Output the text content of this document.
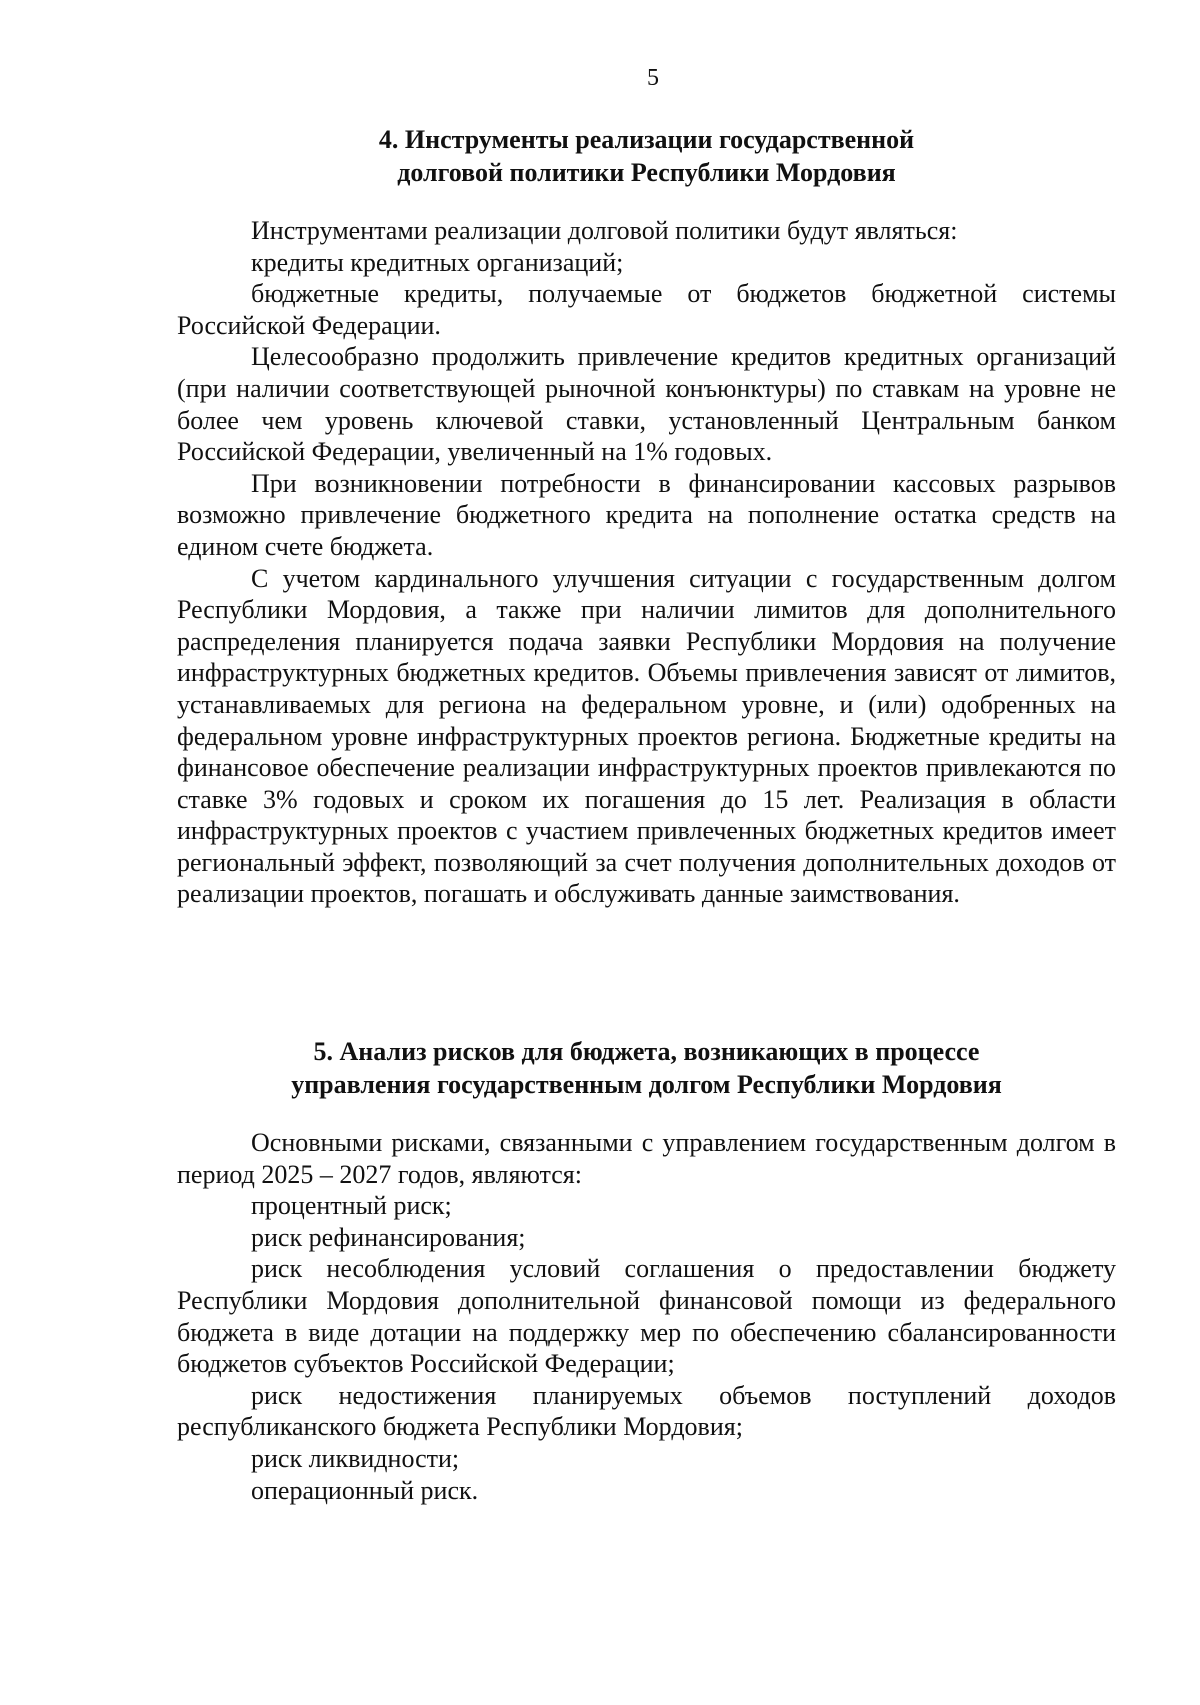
5
4. Инструменты реализации государственной
долговой политики Республики Мордовия

Инструментами реализации долговой политики будут являться:

кредиты кредитных организаций;

бюджетные кредиты, получаемые от бюджетов бюджетной системы Российской Федерации.

Целесообразно продолжить привлечение кредитов кредитных организаций (при наличии соответствующей рыночной конъюнктуры) по ставкам на уровне не более чем уровень ключевой ставки, установленный Центральным банком Российской Федерации, увеличенный на 1% годовых.

При возникновении потребности в финансировании кассовых разрывов возможно привлечение бюджетного кредита на пополнение остатка средств на едином счете бюджета.

С учетом кардинального улучшения ситуации с государственным долгом Республики Мордовия, а также при наличии лимитов для дополнительного распределения планируется подача заявки Республики Мордовия на получение инфраструктурных бюджетных кредитов. Объемы привлечения зависят от лимитов, устанавливаемых для региона на федеральном уровне, и (или) одобренных на федеральном уровне инфраструктурных проектов региона. Бюджетные кредиты на финансовое обеспечение реализации инфраструктурных проектов привлекаются по ставке 3% годовых и сроком их погашения до 15 лет. Реализация в области инфраструктурных проектов с участием привлеченных бюджетных кредитов имеет региональный эффект, позволяющий за счет получения дополнительных доходов от реализации проектов, погашать и обслуживать данные заимствования.

5. Анализ рисков для бюджета, возникающих в процессе
управления государственным долгом Республики Мордовия

Основными рисками, связанными с управлением государственным долгом в период 2025 – 2027 годов, являются:

процентный риск;

риск рефинансирования;

риск несоблюдения условий соглашения о предоставлении бюджету Республики Мордовия дополнительной финансовой помощи из федерального бюджета в виде дотации на поддержку мер по обеспечению сбалансированности бюджетов субъектов Российской Федерации;

риск недостижения планируемых объемов поступлений доходов республиканского бюджета Республики Мордовия;

риск ликвидности;

операционный риск.
